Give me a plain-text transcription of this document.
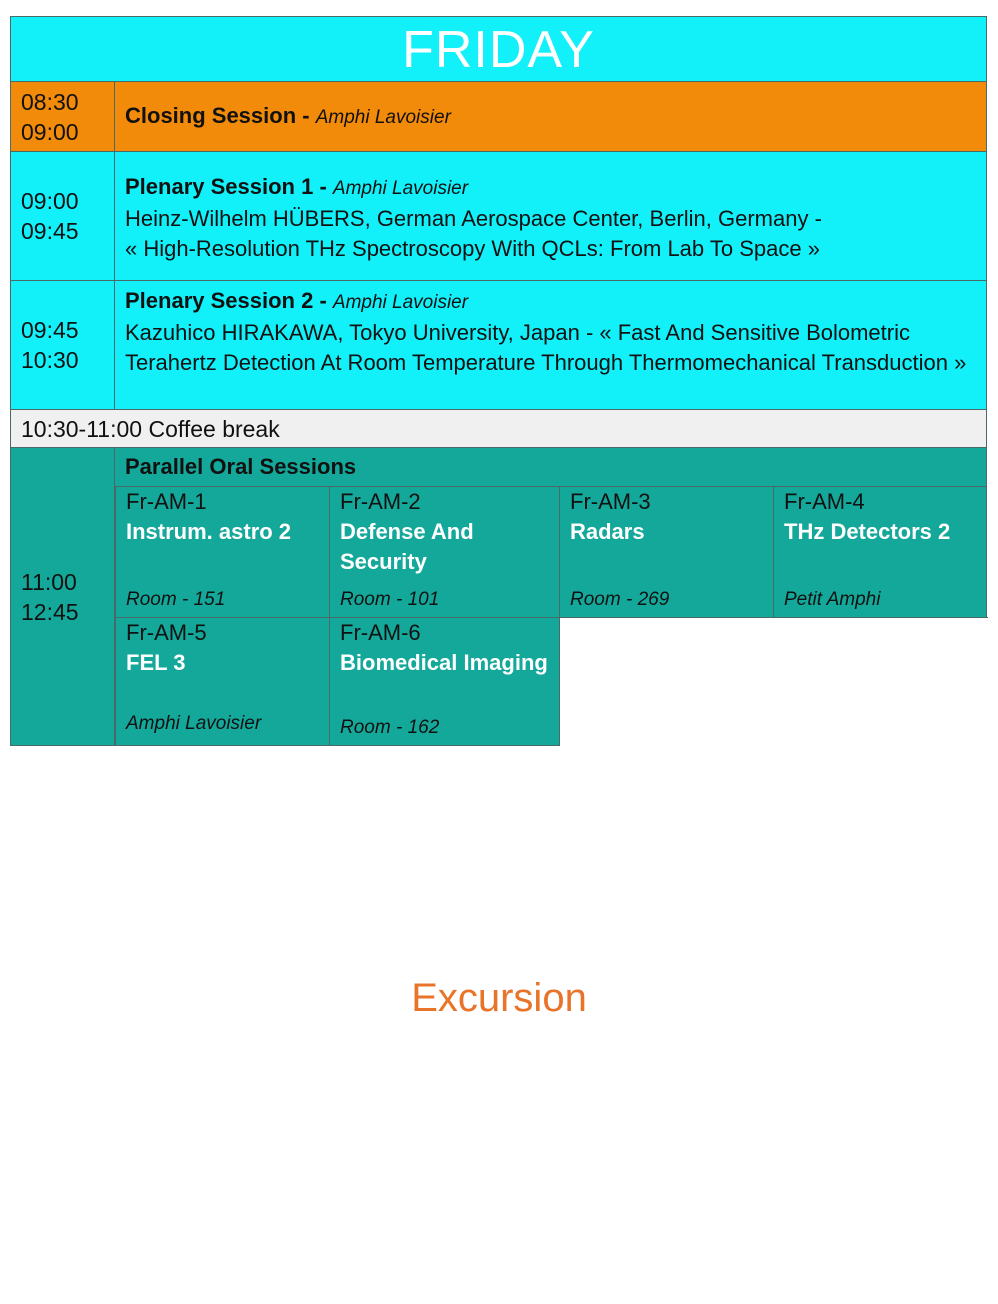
FRIDAY
08:30
09:00
Closing Session - Amphi Lavoisier
09:00
09:45
Plenary Session 1 - Amphi Lavoisier
Heinz-Wilhelm HÜBERS, German Aerospace Center, Berlin, Germany -
« High-Resolution THz Spectroscopy With QCLs: From Lab To Space »
09:45
10:30
Plenary Session 2 - Amphi Lavoisier
Kazuhico HIRAKAWA, Tokyo University, Japan - « Fast And Sensitive Bolometric Terahertz Detection At Room Temperature Through Thermomechanical Transduction »
10:30-11:00 Coffee break
11:00
12:45
Parallel Oral Sessions
Fr-AM-1
Instrum. astro 2
Room - 151
Fr-AM-2
Defense And Security
Room - 101
Fr-AM-3
Radars
Room - 269
Fr-AM-4
THz Detectors 2
Petit Amphi
Fr-AM-5
FEL 3
Amphi Lavoisier
Fr-AM-6
Biomedical Imaging
Room - 162
Excursion
